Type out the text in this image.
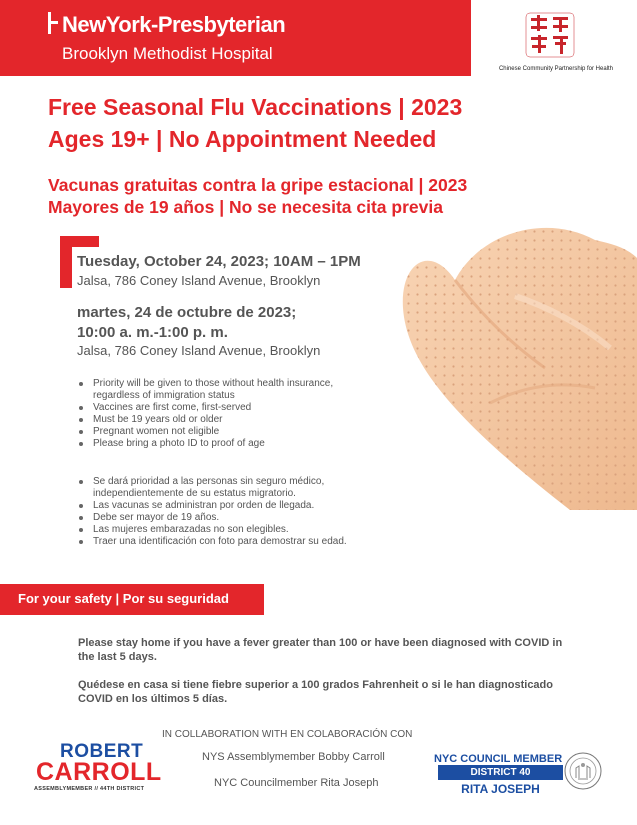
NewYork-Presbyterian
Brooklyn Methodist Hospital
Chinese Community Partnership for Health
Free Seasonal Flu Vaccinations | 2023
Ages 19+ | No Appointment Needed
Vacunas gratuitas contra la gripe estacional | 2023
Mayores de 19 años | No se necesita cita previa
Tuesday, October 24, 2023; 10AM – 1PM
Jalsa, 786 Coney Island Avenue, Brooklyn
martes, 24 de octubre de 2023;
10:00 a. m.-1:00 p. m.
Jalsa, 786 Coney Island Avenue, Brooklyn
Priority will be given to those without health insurance, regardless of immigration status
Vaccines are first come, first-served
Must be 19 years old or older
Pregnant women not eligible
Please bring a photo ID to proof of age
Se dará prioridad a las personas sin seguro médico, independientemente de su estatus migratorio.
Las vacunas se administran por orden de llegada.
Debe ser mayor de 19 años.
Las mujeres embarazadas no son elegibles.
Traer una identificación con foto para demostrar su edad.
For your safety | Por su seguridad
Please stay home if you have a fever greater than 100 or have been diagnosed with COVID in the last 5 days.
Quédese en casa si tiene fiebre superior a 100 grados Fahrenheit o si le han diagnosticado COVID en los últimos 5 días.
IN COLLABORATION WITH EN COLABORACIÓN CON
NYS Assemblymember Bobby Carroll
NYC Councilmember Rita Joseph
ROBERT
CARROLL
ASSEMBLYMEMBER // 44TH DISTRICT
NYC COUNCIL MEMBER
DISTRICT 40
RITA JOSEPH
